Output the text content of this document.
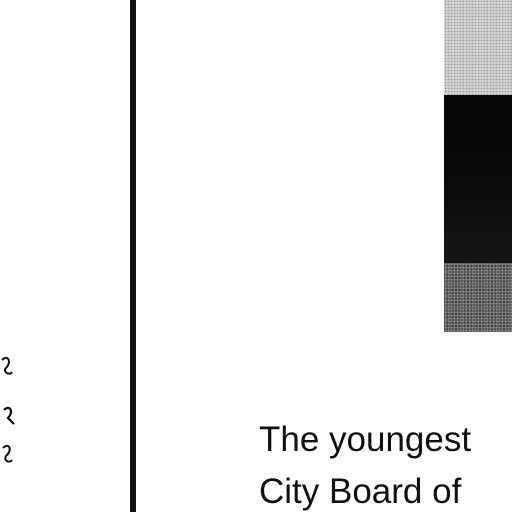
The youngest
City Board of
